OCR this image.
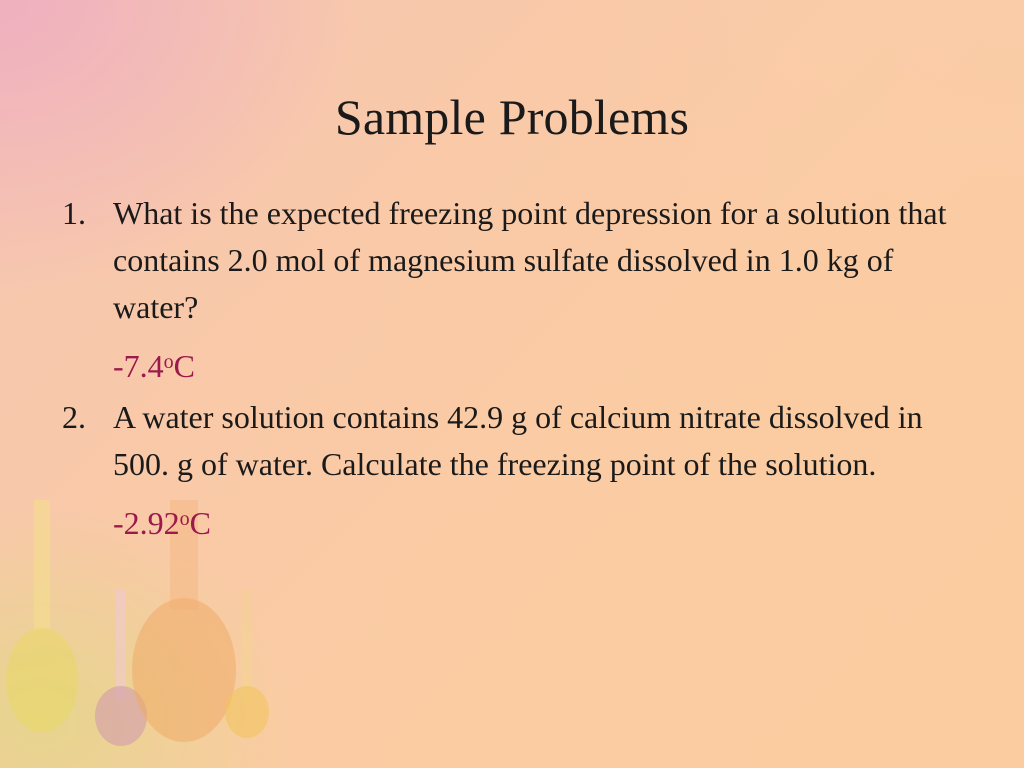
Sample Problems
1. What is the expected freezing point depression for a solution that contains 2.0 mol of magnesium sulfate dissolved in 1.0 kg of water?
-7.4$^o$C
2. A water solution contains 42.9 g of calcium nitrate dissolved in 500. g of water. Calculate the freezing point of the solution.
-2.92$^o$C
